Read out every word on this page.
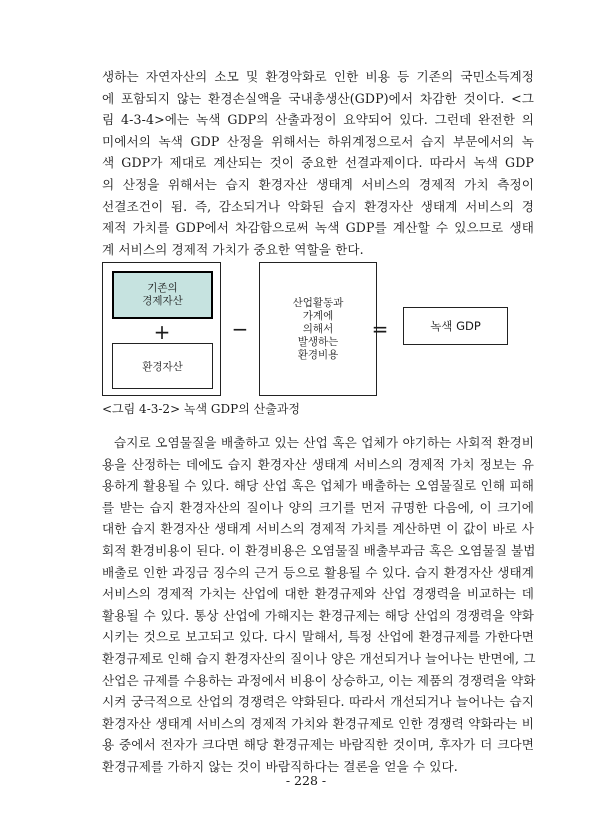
생하는 자연자산의 소모 및 환경악화로 인한 비용 등 기존의 국민소득계정
에 포함되지 않는 환경손실액을 국내총생산(GDP)에서 차감한 것이다. <그
림 4-3-4>에는 녹색 GDP의 산출과정이 요약되어 있다. 그런데 완전한 의
미에서의 녹색 GDP 산정을 위해서는 하위계정으로서 습지 부문에서의 녹
색 GDP가 제대로 계산되는 것이 중요한 선결과제이다. 따라서 녹색 GDP
의 산정을 위해서는 습지 환경자산 생태계 서비스의 경제적 가치 측정이
선결조건이 됨. 즉, 감소되거나 악화된 습지 환경자산 생태계 서비스의 경
제적 가치를 GDP에서 차감함으로써 녹색 GDP를 계산할 수 있으므로 생태
계 서비스의 경제적 가치가 중요한 역할을 한다.
기존의
경제자산
+
환경자산
−
산업활동과
가계에
의해서
발생하는
환경비용
=	녹색 GDP
<그림 4-3-2> 녹색 GDP의 산출과정
습지로 오염물질을 배출하고 있는 산업 혹은 업체가 야기하는 사회적 환경비
용을 산정하는 데에도 습지 환경자산 생태계 서비스의 경제적 가치 정보는 유
용하게 활용될 수 있다. 해당 산업 혹은 업체가 배출하는 오염물질로 인해 피해
를 받는 습지 환경자산의 질이나 양의 크기를 먼저 규명한 다음에, 이 크기에
대한 습지 환경자산 생태계 서비스의 경제적 가치를 계산하면 이 값이 바로 사
회적 환경비용이 된다. 이 환경비용은 오염물질 배출부과금 혹은 오염물질 불법
배출로 인한 과징금 징수의 근거 등으로 활용될 수 있다. 습지 환경자산 생태계
서비스의 경제적 가치는 산업에 대한 환경규제와 산업 경쟁력을 비교하는 데
활용될 수 있다. 통상 산업에 가해지는 환경규제는 해당 산업의 경쟁력을 약화
시키는 것으로 보고되고 있다. 다시 말해서, 특정 산업에 환경규제를 가한다면
환경규제로 인해 습지 환경자산의 질이나 양은 개선되거나 늘어나는 반면에, 그
산업은 규제를 수용하는 과정에서 비용이 상승하고, 이는 제품의 경쟁력을 약화
시켜 궁극적으로 산업의 경쟁력은 약화된다. 따라서 개선되거나 늘어나는 습지
환경자산 생태계 서비스의 경제적 가치와 환경규제로 인한 경쟁력 약화라는 비
용 중에서 전자가 크다면 해당 환경규제는 바람직한 것이며, 후자가 더 크다면
환경규제를 가하지 않는 것이 바람직하다는 결론을 얻을 수 있다.
- 228 -
